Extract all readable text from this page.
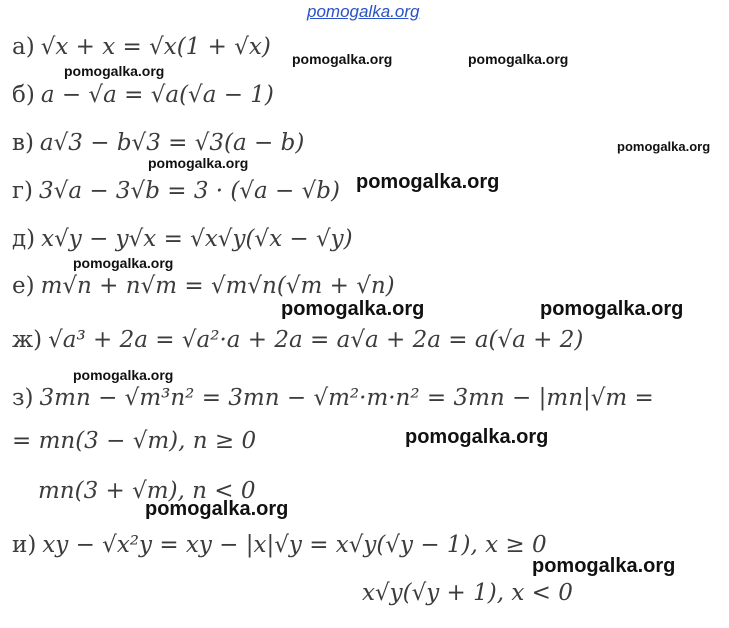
pomogalka.org
а) √x + x = √x(1 + √x)
б) a − √a = √a(√a − 1)
в) a√3 − b√3 = √3(a − b)
г) 3√a − 3√b = 3 · (√a − √b)
д) x√y − y√x = √x√y(√x − √y)
е) m√n + n√m = √m√n(√m + √n)
ж) √a³ + 2a = √a²·a + 2a = a√a + 2a = a(√a + 2)
з) 3mn − √m³n² = 3mn − √m²·m·n² = 3mn − |mn|√m =
= mn(3 − √m), n ≥ 0
mn(3 + √m), n < 0
и) xy − √x²y = xy − |x|√y = x√y(√y − 1), x ≥ 0
x√y(√y + 1), x < 0
pomogalka.org	pomogalka.org
pomogalka.org
pomogalka.org
pomogalka.org
pomogalka.org
pomogalka.org
pomogalka.org	pomogalka.org
pomogalka.org
pomogalka.org
pomogalka.org
pomogalka.org
